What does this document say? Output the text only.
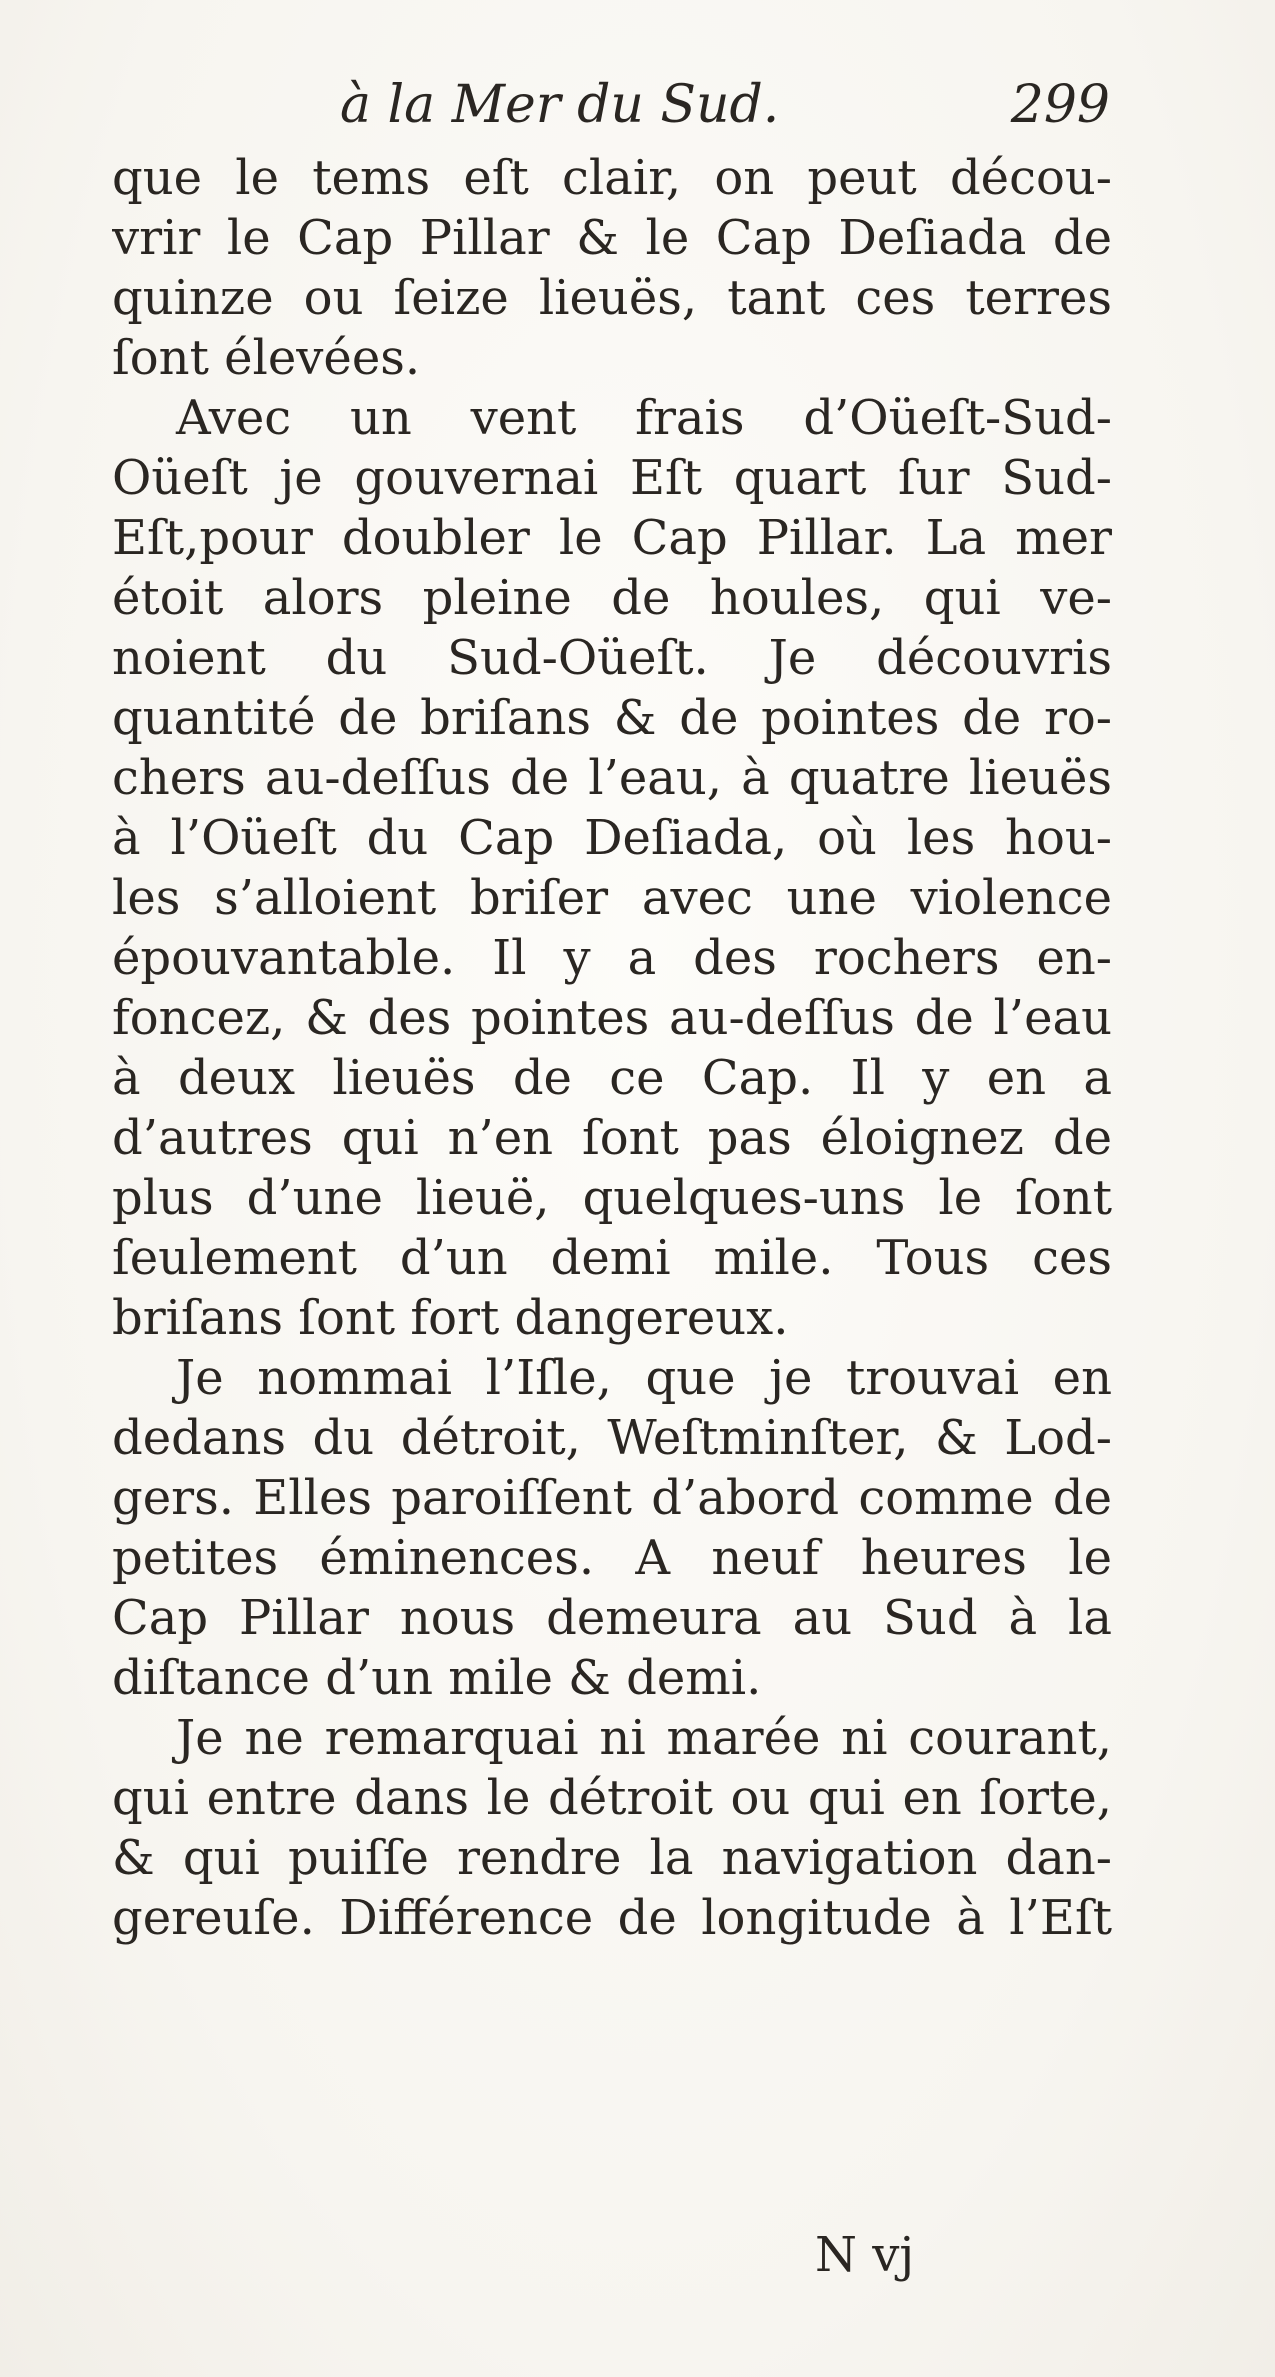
à la Mer du Sud.	299
que le tems eſt clair, on peut décou-
vrir le Cap Pillar & le Cap Deſiada de
quinze ou ſeize lieuës, tant ces terres
ſont élevées.
Avec un vent frais d’Oüeſt-Sud-
Oüeſt je gouvernai Eſt quart ſur Sud-
Eſt,pour doubler le Cap Pillar. La mer
étoit alors pleine de houles, qui ve-
noient du Sud-Oüeſt. Je découvris
quantité de briſans & de pointes de ro-
chers au-deſſus de l’eau, à quatre lieuës
à l’Oüeſt du Cap Deſiada, où les hou-
les s’alloient briſer avec une violence
épouvantable. Il y a des rochers en-
foncez, & des pointes au-deſſus de l’eau
à deux lieuës de ce Cap. Il y en a
d’autres qui n’en ſont pas éloignez de
plus d’une lieuë, quelques-uns le ſont
ſeulement d’un demi mile. Tous ces
briſans ſont fort dangereux.
Je nommai l’Iſle, que je trouvai en
dedans du détroit, Weſtminſter, & Lod-
gers. Elles paroiſſent d’abord comme de
petites éminences. A neuf heures le
Cap Pillar nous demeura au Sud à la
diſtance d’un mile & demi.
Je ne remarquai ni marée ni courant,
qui entre dans le détroit ou qui en ſorte,
& qui puiſſe rendre la navigation dan-
gereuſe. Différence de longitude à l’Eſt
N vj
